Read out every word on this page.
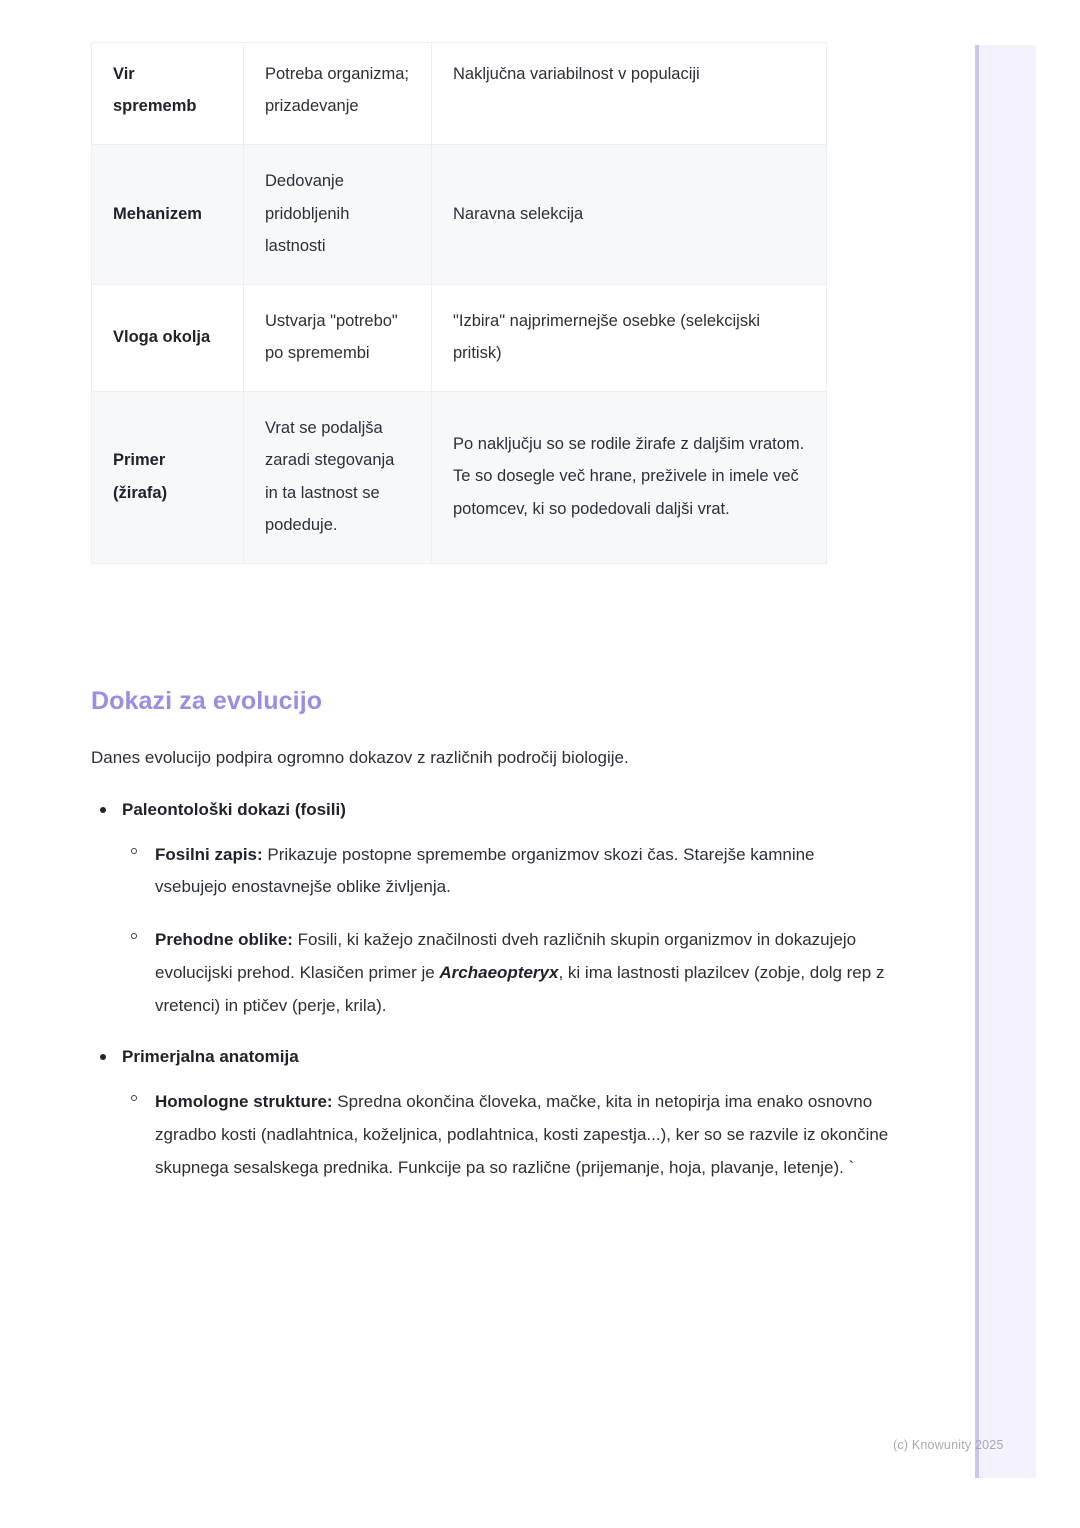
Vir sprememb	Potreba organizma; prizadevanje	Naključna variabilnost v populaciji
Mehanizem	Dedovanje pridobljenih lastnosti	Naravna selekcija
Vloga okolja	Ustvarja "potrebo" po spremembi	"Izbira" najprimernejše osebke (selekcijski pritisk)
Primer (žirafa)	Vrat se podaljša zaradi stegovanja in ta lastnost se podeduje.	Po naključju so se rodile žirafe z daljšim vratom. Te so dosegle več hrane, preživele in imele več potomcev, ki so podedovali daljši vrat.
Dokazi za evolucijo

Danes evolucijo podpira ogromno dokazov z različnih področij biologije.

Paleontološki dokazi (fosili)
Fosilni zapis: Prikazuje postopne spremembe organizmov skozi čas. Starejše kamnine vsebujejo enostavnejše oblike življenja.
Prehodne oblike: Fosili, ki kažejo značilnosti dveh različnih skupin organizmov in dokazujejo evolucijski prehod. Klasičen primer je Archaeopteryx, ki ima lastnosti plazilcev (zobje, dolg rep z vretenci) in ptičev (perje, krila).
Primerjalna anatomija
Homologne strukture: Spredna okončina človeka, mačke, kita in netopirja ima enako osnovno zgradbo kosti (nadlahtnica, koželjnica, podlahtnica, kosti zapestja...), ker so se razvile iz okončine skupnega sesalskega prednika. Funkcije pa so različne (prijemanje, hoja, plavanje, letenje). `
(c) Knowunity 2025
